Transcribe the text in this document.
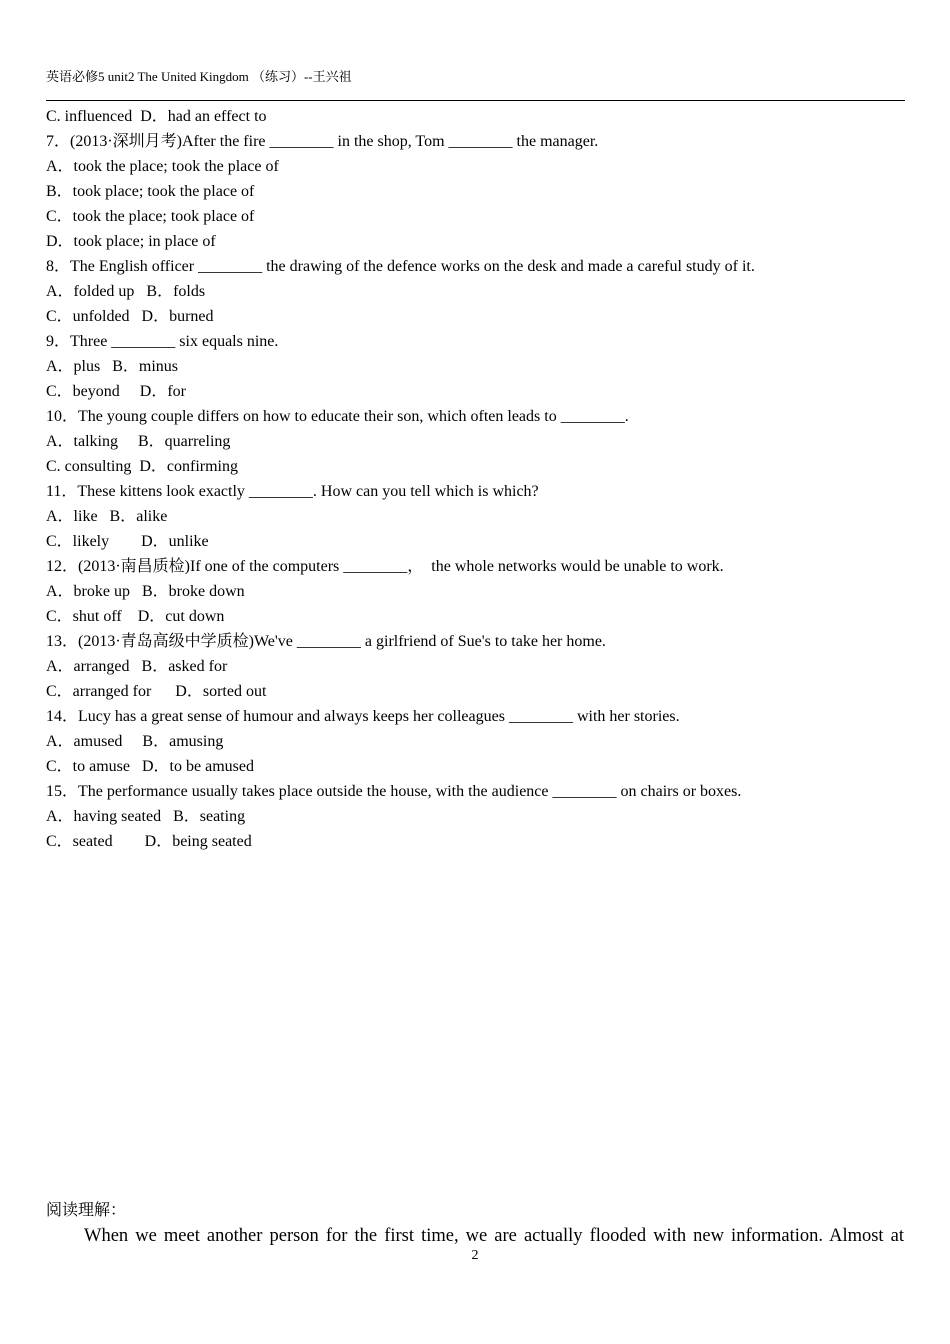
英语必修5 unit2 The United Kingdom （练习）--王兴祖
C. influenced  D．had an effect to
7．(2013·深圳月考)After the fire ________ in the shop, Tom ________ the manager.
A．took the place; took the place of
B．took place; took the place of
C．took the place; took place of
D．took place; in place of
8．The English officer ________ the drawing of the defence works on the desk and made a careful study of it.
A．folded up   B．folds
C．unfolded   D．burned
9．Three ________ six equals nine.
A．plus   B．minus
C．beyond     D．for
10．The young couple differs on how to educate their son, which often leads to ________.
A．talking     B．quarreling
C. consulting  D．confirming
11．These kittens look exactly ________. How can you tell which is which?
A．like   B．alike
C．likely        D．unlike
12．(2013·南昌质检)If one of the computers ________，  the whole networks would be unable to work.
A．broke up   B．broke down
C．shut off    D．cut down
13．(2013·青岛高级中学质检)We've ________ a girlfriend of Sue's to take her home.
A．arranged   B．asked for
C．arranged for      D．sorted out
14．Lucy has a great sense of humour and always keeps her colleagues ________ with her stories.
A．amused     B．amusing
C．to amuse   D．to be amused
15．The performance usually takes place outside the house, with the audience ________ on chairs or boxes.
A．having seated   B．seating
C．seated        D．being seated
阅读理解：
When we meet another person for the first time, we are actually flooded with new information. Almost at
2
